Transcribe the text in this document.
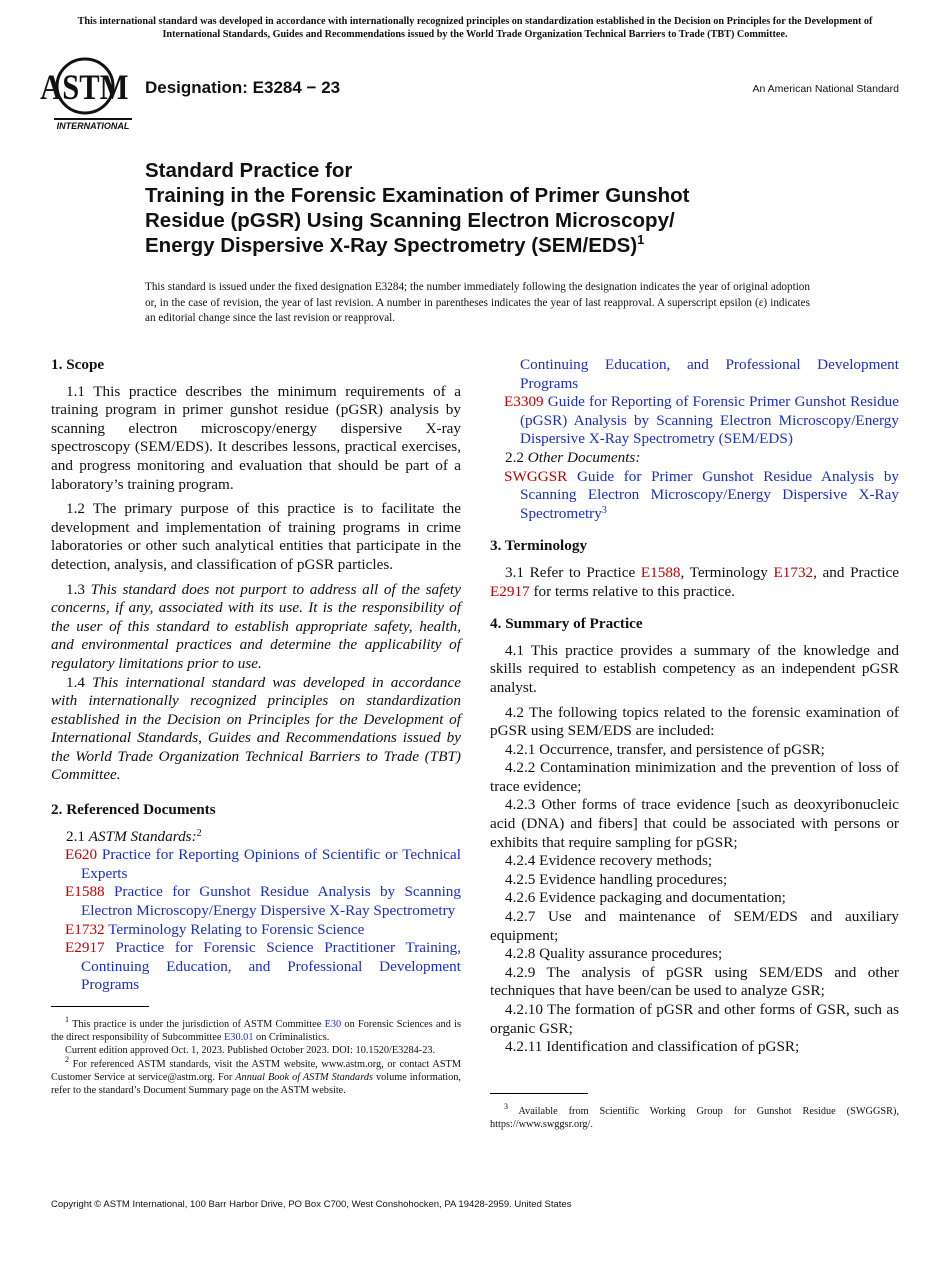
This international standard was developed in accordance with internationally recognized principles on standardization established in the Decision on Principles for the Development of International Standards, Guides and Recommendations issued by the World Trade Organization Technical Barriers to Trade (TBT) Committee.
ASTM
INTERNATIONAL
Designation: E3284 − 23	An American National Standard
Standard Practice for
Training in the Forensic Examination of Primer Gunshot
Residue (pGSR) Using Scanning Electron Microscopy/
Energy Dispersive X-Ray Spectrometry $(SEM/EDS)^1$
This standard is issued under the fixed designation E3284; the number immediately following the designation indicates the year of original adoption or, in the case of revision, the year of last revision. A number in parentheses indicates the year of last reapproval. A superscript epsilon (ε) indicates an editorial change since the last revision or reapproval.
1. Scope

1.1 This practice describes the minimum requirements of a training program in primer gunshot residue (pGSR) analysis by scanning electron microscopy/energy dispersive X-ray spectroscopy (SEM/EDS). It describes lessons, practical exercises, and progress monitoring and evaluation that should be part of a laboratory’s training program.

1.2 The primary purpose of this practice is to facilitate the development and implementation of training programs in crime laboratories or other such analytical entities that participate in the detection, analysis, and classification of pGSR particles.

1.3 This standard does not purport to address all of the safety concerns, if any, associated with its use. It is the responsibility of the user of this standard to establish appropriate safety, health, and environmental practices and determine the applicability of regulatory limitations prior to use.

1.4 This international standard was developed in accordance with internationally recognized principles on standardization established in the Decision on Principles for the Development of International Standards, Guides and Recommendations issued by the World Trade Organization Technical Barriers to Trade (TBT) Committee.

2. Referenced Documents

2.1 ASTM Standards:$^2$

E620 Practice for Reporting Opinions of Scientific or Technical Experts

E1588 Practice for Gunshot Residue Analysis by Scanning Electron Microscopy/Energy Dispersive X-Ray Spectrometry

E1732 Terminology Relating to Forensic Science

E2917 Practice for Forensic Science Practitioner Training, Continuing Education, and Professional Development Programs

$^1$ This practice is under the jurisdiction of ASTM Committee E30 on Forensic Sciences and is the direct responsibility of Subcommittee E30.01 on Criminalistics.

Current edition approved Oct. 1, 2023. Published October 2023. DOI: 10.1520/E3284-23.

$^2$ For referenced ASTM standards, visit the ASTM website, www.astm.org, or contact ASTM Customer Service at service@astm.org. For Annual Book of ASTM Standards volume information, refer to the standard’s Document Summary page on the ASTM website.

Continuing Education, and Professional Development Programs

E3309 Guide for Reporting of Forensic Primer Gunshot Residue (pGSR) Analysis by Scanning Electron Microscopy/Energy Dispersive X-Ray Spectrometry (SEM/EDS)

2.2 Other Documents:

SWGGSR Guide for Primer Gunshot Residue Analysis by Scanning Electron Microscopy/Energy Dispersive X-Ray Spectrometry$^3$

3. Terminology

3.1 Refer to Practice E1588, Terminology E1732, and Practice E2917 for terms relative to this practice.

4. Summary of Practice

4.1 This practice provides a summary of the knowledge and skills required to establish competency as an independent pGSR analyst.

4.2 The following topics related to the forensic examination of pGSR using SEM/EDS are included:

4.2.1 Occurrence, transfer, and persistence of pGSR;

4.2.2 Contamination minimization and the prevention of loss of trace evidence;

4.2.3 Other forms of trace evidence [such as deoxyribonucleic acid (DNA) and fibers] that could be associated with persons or exhibits that require sampling for pGSR;

4.2.4 Evidence recovery methods;

4.2.5 Evidence handling procedures;

4.2.6 Evidence packaging and documentation;

4.2.7 Use and maintenance of SEM/EDS and auxiliary equipment;

4.2.8 Quality assurance procedures;

4.2.9 The analysis of pGSR using SEM/EDS and other techniques that have been/can be used to analyze GSR;

4.2.10 The formation of pGSR and other forms of GSR, such as organic GSR;

4.2.11 Identification and classification of pGSR;

$^3$ Available from Scientific Working Group for Gunshot Residue (SWGGSR), https://www.swggsr.org/.

Copyright © ASTM International, 100 Barr Harbor Drive, PO Box C700, West Conshohocken, PA 19428-2959. United States
